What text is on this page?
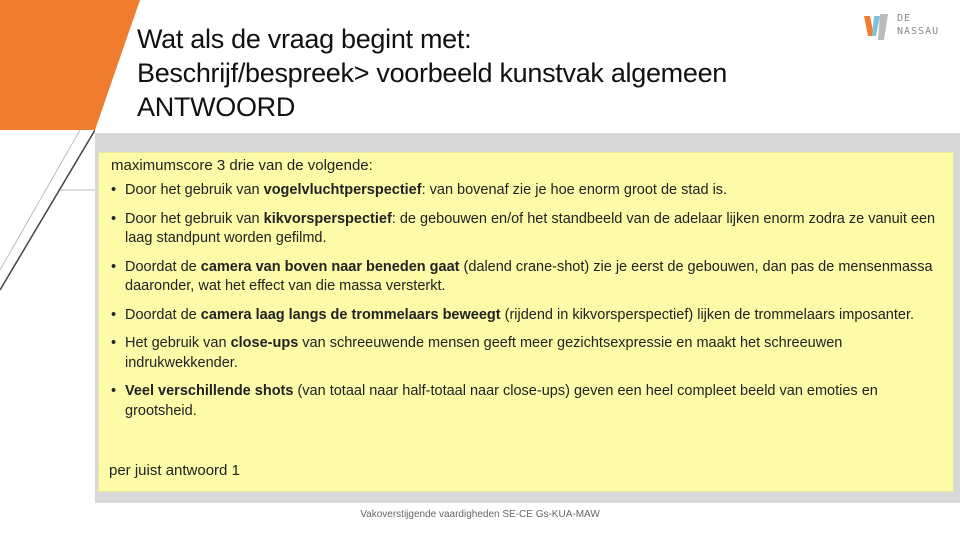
Wat als de vraag begint met:
Beschrijf/bespreek> voorbeeld kunstvak algemeen
ANTWOORD
DE
NASSAU
maximumscore 3 drie van de volgende:
• Door het gebruik van vogelvluchtperspectief: van bovenaf zie je hoe enorm groot de stad is.
• Door het gebruik van kikvorsperspectief: de gebouwen en/of het standbeeld van de adelaar lijken enorm zodra ze vanuit een laag standpunt worden gefilmd.
• Doordat de camera van boven naar beneden gaat (dalend crane-shot) zie je eerst de gebouwen, dan pas de mensenmassa daaronder, wat het effect van die massa versterkt.
• Doordat de camera laag langs de trommelaars beweegt (rijdend in kikvorsperspectief) lijken de trommelaars imposanter.
• Het gebruik van close-ups van schreeuwende mensen geeft meer gezichtsexpressie en maakt het schreeuwen indrukwekkender.
• Veel verschillende shots (van totaal naar half-totaal naar close-ups) geven een heel compleet beeld van emoties en grootsheid.
per juist antwoord 1
Vakoverstijgende vaardigheden SE-CE Gs-KUA-MAW
